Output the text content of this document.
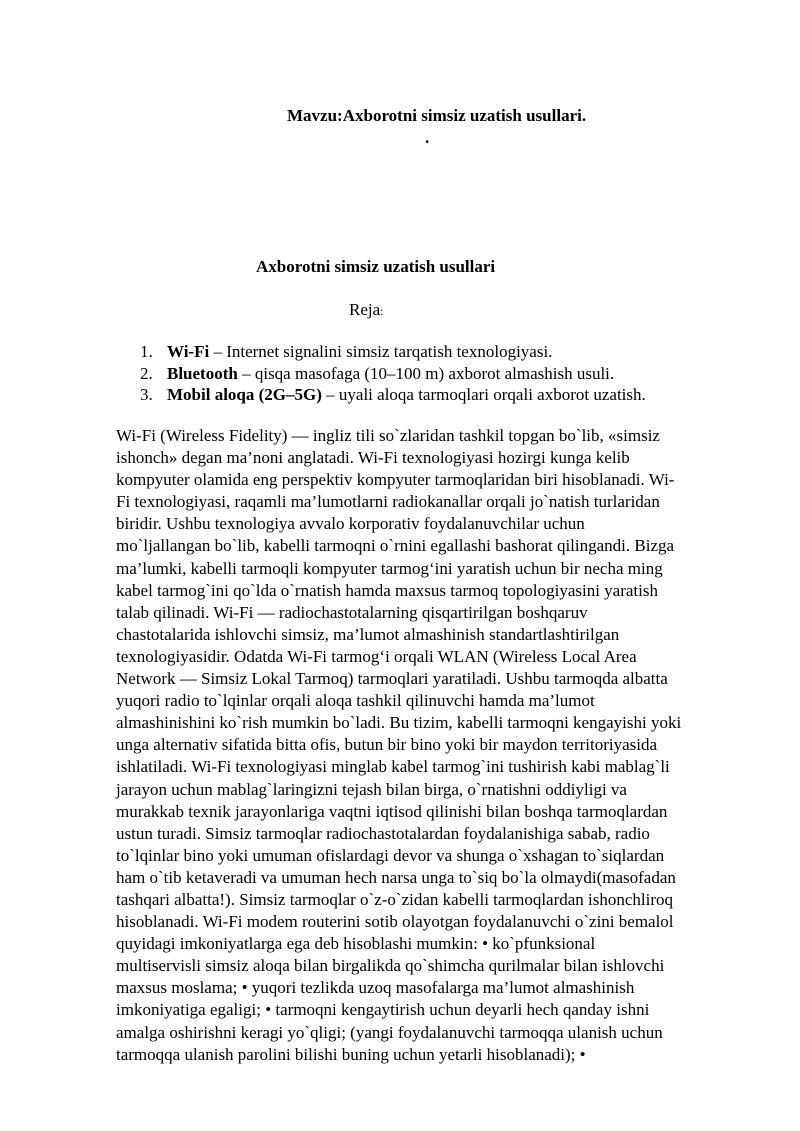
Mavzu:Axborotni simsiz uzatish usullari.
.
Axborotni simsiz uzatish usullari
Reja:
1. Wi-Fi – Internet signalini simsiz tarqatish texnologiyasi.
2. Bluetooth – qisqa masofaga (10–100 m) axborot almashish usuli.
3. Mobil aloqa (2G–5G) – uyali aloqa tarmoqlari orqali axborot uzatish.
Wi-Fi (Wireless Fidelity) — ingliz tili so`zlaridan tashkil topgan bo`lib, «simsiz
ishonch» degan ma’noni anglatadi. Wi-Fi texnologiyasi hozirgi kunga kelib
kompyuter olamida eng perspektiv kompyuter tarmoqlaridan biri hisoblanadi. Wi-
Fi texnologiyasi, raqamli ma’lumotlarni radiokanallar orqali jo`natish turlaridan
biridir. Ushbu texnologiya avvalo korporativ foydalanuvchilar uchun
mo`ljallangan bo`lib, kabelli tarmoqni o`rnini egallashi bashorat qilingandi. Bizga
ma’lumki, kabelli tarmoqli kompyuter tarmog‘ini yaratish uchun bir necha ming
kabel tarmog`ini qo`lda o`rnatish hamda maxsus tarmoq topologiyasini yaratish
talab qilinadi. Wi-Fi — radiochastotalarning qisqartirilgan boshqaruv
chastotalarida ishlovchi simsiz, ma’lumot almashinish standartlashtirilgan
texnologiyasidir. Odatda Wi-Fi tarmog‘i orqali WLAN (Wireless Local Area
Network — Simsiz Lokal Tarmoq) tarmoqlari yaratiladi. Ushbu tarmoqda albatta
yuqori radio to`lqinlar orqali aloqa tashkil qilinuvchi hamda ma’lumot
almashinishini ko`rish mumkin bo`ladi. Bu tizim, kabelli tarmoqni kengayishi yoki
unga alternativ sifatida bitta ofis, butun bir bino yoki bir maydon territoriyasida
ishlatiladi. Wi-Fi texnologiyasi minglab kabel tarmog`ini tushirish kabi mablag`li
jarayon uchun mablag`laringizni tejash bilan birga, o`rnatishni oddiyligi va
murakkab texnik jarayonlariga vaqtni iqtisod qilinishi bilan boshqa tarmoqlardan
ustun turadi. Simsiz tarmoqlar radiochastotalardan foydalanishiga sabab, radio
to`lqinlar bino yoki umuman ofislardagi devor va shunga o`xshagan to`siqlardan
ham o`tib ketaveradi va umuman hech narsa unga to`siq bo`la olmaydi(masofadan
tashqari albatta!). Simsiz tarmoqlar o`z-o`zidan kabelli tarmoqlardan ishonchliroq
hisoblanadi. Wi-Fi modem routerini sotib olayotgan foydalanuvchi o`zini bemalol
quyidagi imkoniyatlarga ega deb hisoblashi mumkin: • ko`pfunksional
multiservisli simsiz aloqa bilan birgalikda qo`shimcha qurilmalar bilan ishlovchi
maxsus moslama; • yuqori tezlikda uzoq masofalarga ma’lumot almashinish
imkoniyatiga egaligi; • tarmoqni kengaytirish uchun deyarli hech qanday ishni
amalga oshirishni keragi yo`qligi; (yangi foydalanuvchi tarmoqqa ulanish uchun
tarmoqqa ulanish parolini bilishi buning uchun yetarli hisoblanadi); •
